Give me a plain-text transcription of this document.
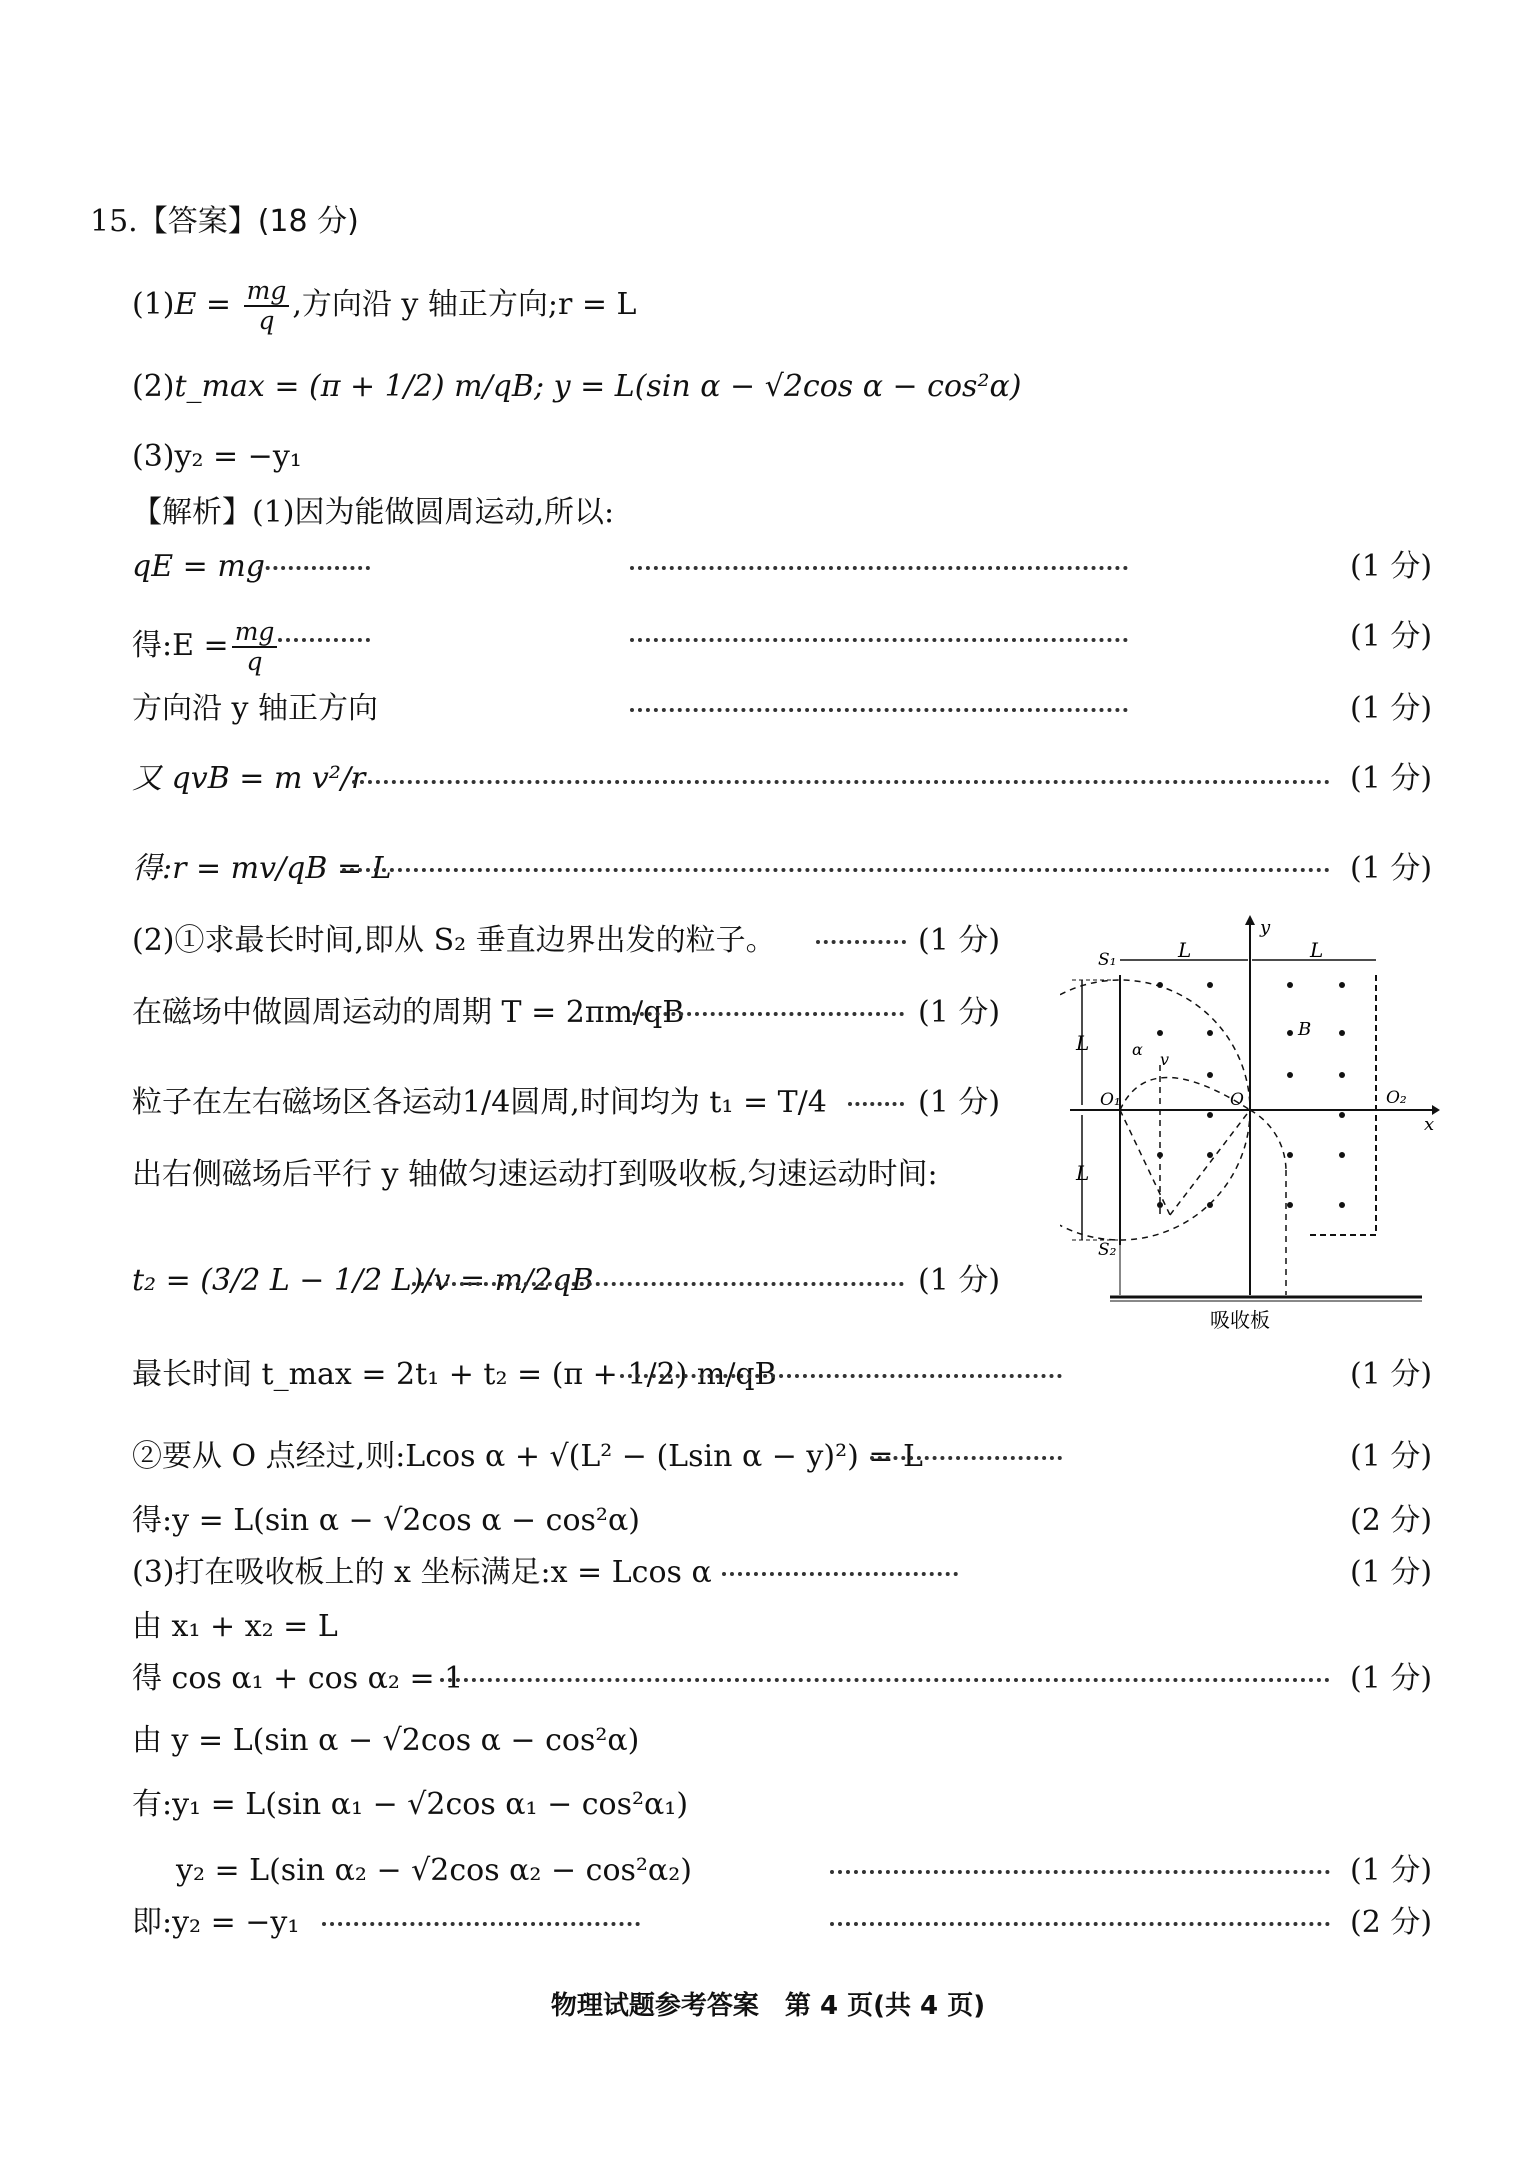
15.【答案】(18 分)
$(1)E = \frac{mg}{q}$ ,方向沿 y 轴正方向;r = L
(2)t_max = (π + 1/2) m/qB; y = L(sin α − √2cos α − cos²α)
(3)y₂ = −y₁
【解析】(1)因为能做圆周运动,所以:
qE = mg	(1 分)
得:E = $\frac{mg}{q}$	(1 分)
方向沿 y 轴正方向	(1 分)
又 qvB = m v²/r	(1 分)
得:r = mv/qB = L	(1 分)
(2)①求最长时间,即从 S₂ 垂直边界出发的粒子。	(1 分)
在磁场中做圆周运动的周期 T = 2πm/qB	(1 分)
粒子在左右磁场区各运动1/4圆周,时间均为 t₁ = T/4	(1 分)
出右侧磁场后平行 y 轴做匀速运动打到吸收板,匀速运动时间:
t₂ = (3/2 L − 1/2 L)/v = m/2qB	(1 分)
最长时间 t_max = 2t₁ + t₂ = (π + 1/2) m/qB	(1 分)
②要从 O 点经过,则:Lcos α + √(L² − (Lsin α − y)²) = L	(1 分)
得:y = L(sin α − √2cos α − cos²α)	(2 分)
(3)打在吸收板上的 x 坐标满足:x = Lcos α	(1 分)
由 x₁ + x₂ = L
得 cos α₁ + cos α₂ = 1	(1 分)
由 y = L(sin α − √2cos α − cos²α)
有:y₁ = L(sin α₁ − √2cos α₁ − cos²α₁)
y₂ = L(sin α₂ − √2cos α₂ − cos²α₂)	(1 分)
即:y₂ = −y₁	(2 分)
y
x
L	L
S₁
S₂
L
L
O₁	O₂
O
B
v
α
吸收板
物理试题参考答案　第 4 页(共 4 页)
